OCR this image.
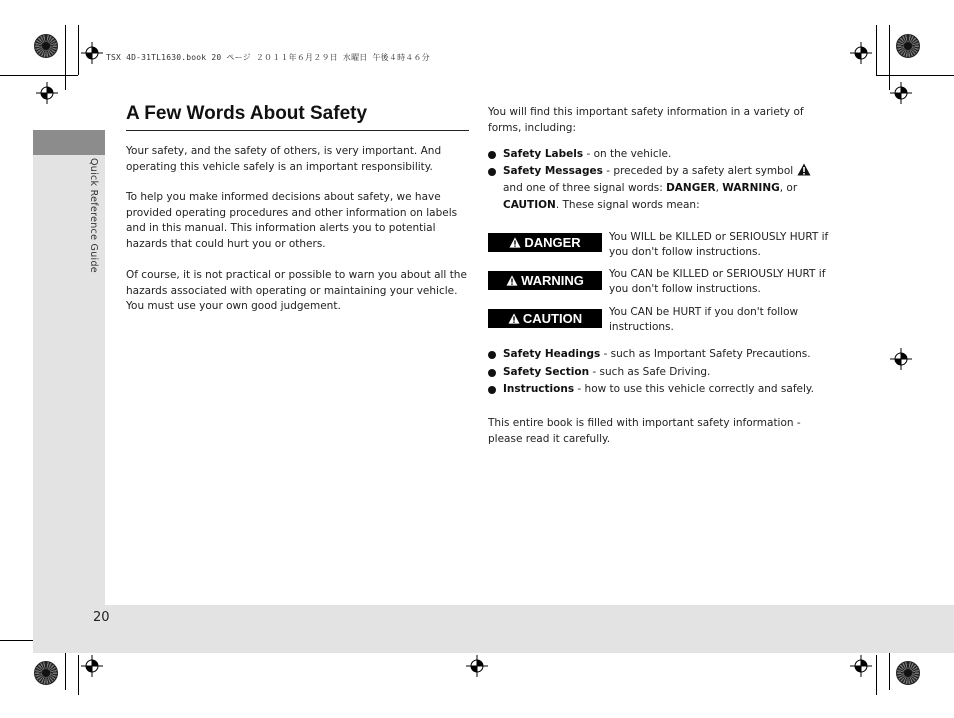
TSX 4D-31TL1630.book 20 ページ ２０１１年６月２９日 水曜日 午後４時４６分
Quick Reference Guide
20
A Few Words About Safety
Your safety, and the safety of others, is very important. And operating this vehicle safely is an important responsibility.
To help you make informed decisions about safety, we have provided operating procedures and other information on labels and in this manual. This information alerts you to potential hazards that could hurt you or others.
Of course, it is not practical or possible to warn you about all the hazards associated with operating or maintaining your vehicle. You must use your own good judgement.
You will find this important safety information in a variety of forms, including:
Safety Labels - on the vehicle.
Safety Messages - preceded by a safety alert symbol  and one of three signal words: DANGER, WARNING, or CAUTION. These signal words mean:
DANGER	You WILL be KILLED or SERIOUSLY HURT if you don't follow instructions.
WARNING You CAN be KILLED or SERIOUSLY HURT if you don't follow instructions.
CAUTION	You CAN be HURT if you don't follow instructions.
Safety Headings - such as Important Safety Precautions.
Safety Section - such as Safe Driving.
Instructions - how to use this vehicle correctly and safely.
This entire book is filled with important safety information - please read it carefully.
